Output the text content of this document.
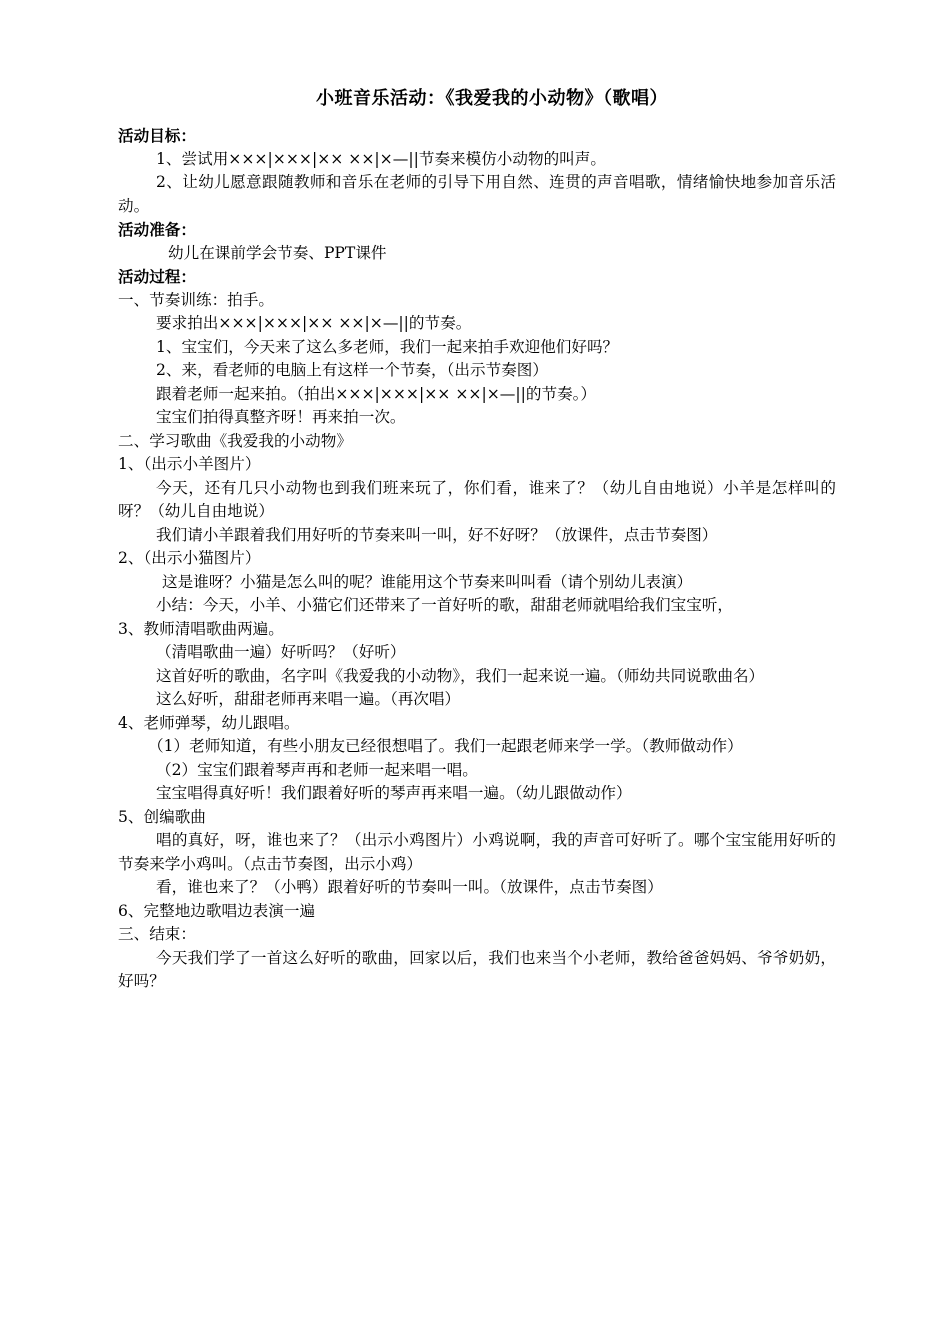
小班音乐活动：《我爱我的小动物》（歌唱）
活动目标：
1、尝试用×××|×××|×× ××|×—||节奏来模仿小动物的叫声。
2、让幼儿愿意跟随教师和音乐在老师的引导下用自然、连贯的声音唱歌，情绪愉快地参加音乐活动。
活动准备：
幼儿在课前学会节奏、PPT课件
活动过程：
一、节奏训练：拍手。
要求拍出×××|×××|×× ××|×—||的节奏。
1、宝宝们，今天来了这么多老师，我们一起来拍手欢迎他们好吗？
2、来，看老师的电脑上有这样一个节奏，（出示节奏图）
跟着老师一起来拍。（拍出×××|×××|×× ××|×—||的节奏。）
宝宝们拍得真整齐呀！再来拍一次。
二、学习歌曲《我爱我的小动物》
1、（出示小羊图片）
今天，还有几只小动物也到我们班来玩了，你们看，谁来了？（幼儿自由地说）小羊是怎样叫的呀？（幼儿自由地说）
我们请小羊跟着我们用好听的节奏来叫一叫，好不好呀？（放课件，点击节奏图）
2、（出示小猫图片）
这是谁呀？小猫是怎么叫的呢？谁能用这个节奏来叫叫看（请个别幼儿表演）
小结：今天，小羊、小猫它们还带来了一首好听的歌，甜甜老师就唱给我们宝宝听，
3、教师清唱歌曲两遍。
（清唱歌曲一遍）好听吗？（好听）
这首好听的歌曲，名字叫《我爱我的小动物》，我们一起来说一遍。（师幼共同说歌曲名）
这么好听，甜甜老师再来唱一遍。（再次唱）
4、老师弹琴，幼儿跟唱。
（1）老师知道，有些小朋友已经很想唱了。我们一起跟老师来学一学。（教师做动作）
（2）宝宝们跟着琴声再和老师一起来唱一唱。
宝宝唱得真好听！我们跟着好听的琴声再来唱一遍。（幼儿跟做动作）
5、创编歌曲
唱的真好，呀，谁也来了？（出示小鸡图片）小鸡说啊，我的声音可好听了。哪个宝宝能用好听的节奏来学小鸡叫。（点击节奏图，出示小鸡）
看，谁也来了？（小鸭）跟着好听的节奏叫一叫。（放课件，点击节奏图）
6、完整地边歌唱边表演一遍
三、结束：
今天我们学了一首这么好听的歌曲，回家以后，我们也来当个小老师，教给爸爸妈妈、爷爷奶奶，好吗？
